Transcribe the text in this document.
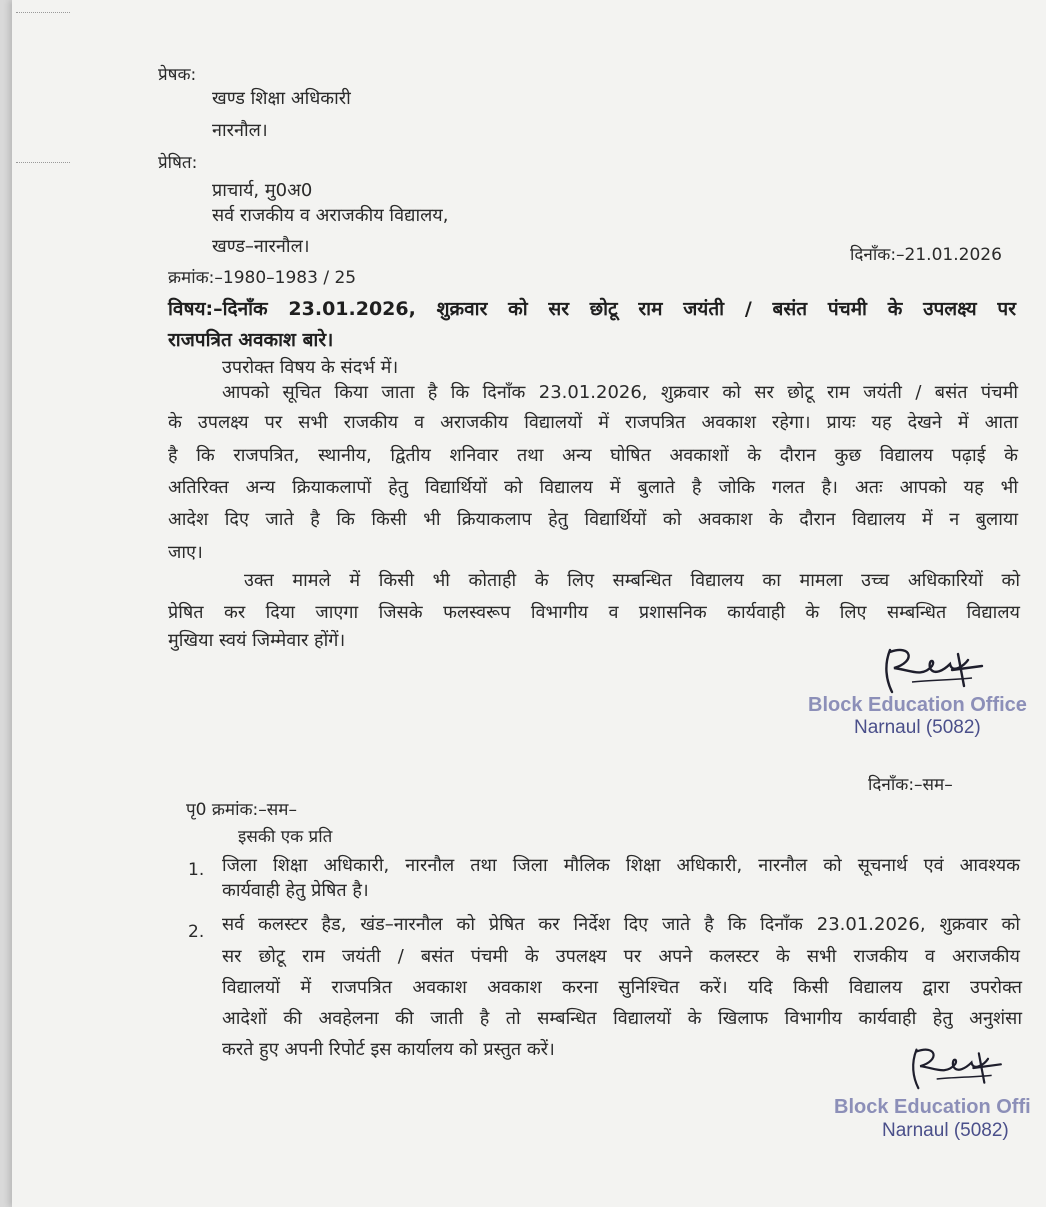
प्रेषक:
खण्ड शिक्षा अधिकारी
नारनौल।
प्रेषित:
प्राचार्य, मु0अ0
सर्व राजकीय व अराजकीय विद्यालय,
खण्ड–नारनौल।	दिनाँक:–21.01.2026
क्रमांक:–1980–1983 / 25
विषय:–दिनाँक 23.01.2026, शुक्रवार को सर छोटू राम जयंती / बसंत पंचमी के उपलक्ष्य पर
राजपत्रित अवकाश बारे।
उपरोक्त विषय के संदर्भ में।
आपको सूचित किया जाता है कि दिनाँक 23.01.2026, शुक्रवार को सर छोटू राम जयंती / बसंत पंचमी
के उपलक्ष्य पर सभी राजकीय व अराजकीय विद्यालयों में राजपत्रित अवकाश रहेगा। प्रायः यह देखने में आता
है कि राजपत्रित, स्थानीय, द्वितीय शनिवार तथा अन्य घोषित अवकाशों के दौरान कुछ विद्यालय पढ़ाई के
अतिरिक्त अन्य क्रियाकलापों हेतु विद्यार्थियों को विद्यालय में बुलाते है जोकि गलत है। अतः आपको यह भी
आदेश दिए जाते है कि किसी भी क्रियाकलाप हेतु विद्यार्थियों को अवकाश के दौरान विद्यालय में न बुलाया
जाए।
उक्त मामले में किसी भी कोताही के लिए सम्बन्धित विद्यालय का मामला उच्च अधिकारियों को
प्रेषित कर दिया जाएगा जिसके फलस्वरूप विभागीय व प्रशासनिक कार्यवाही के लिए सम्बन्धित विद्यालय
मुखिया स्वयं जिम्मेवार होंगें।
Block Education Office
Narnaul (5082)
दिनाँक:–सम–
पृ0 क्रमांक:–सम–
इसकी एक प्रति
1. जिला शिक्षा अधिकारी, नारनौल तथा जिला मौलिक शिक्षा अधिकारी, नारनौल को सूचनार्थ एवं आवश्यक
कार्यवाही हेतु प्रेषित है।
2. सर्व कलस्टर हैड, खंड–नारनौल को प्रेषित कर निर्देश दिए जाते है कि दिनाँक 23.01.2026, शुक्रवार को
सर छोटू राम जयंती / बसंत पंचमी के उपलक्ष्य पर अपने कलस्टर के सभी राजकीय व अराजकीय
विद्यालयों में राजपत्रित अवकाश अवकाश करना सुनिश्चित करें। यदि किसी विद्यालय द्वारा उपरोक्त
आदेशों की अवहेलना की जाती है तो सम्बन्धित विद्यालयों के खिलाफ विभागीय कार्यवाही हेतु अनुशंसा
करते हुए अपनी रिपोर्ट इस कार्यालय को प्रस्तुत करें।
Block Education Offi
Narnaul (5082)
